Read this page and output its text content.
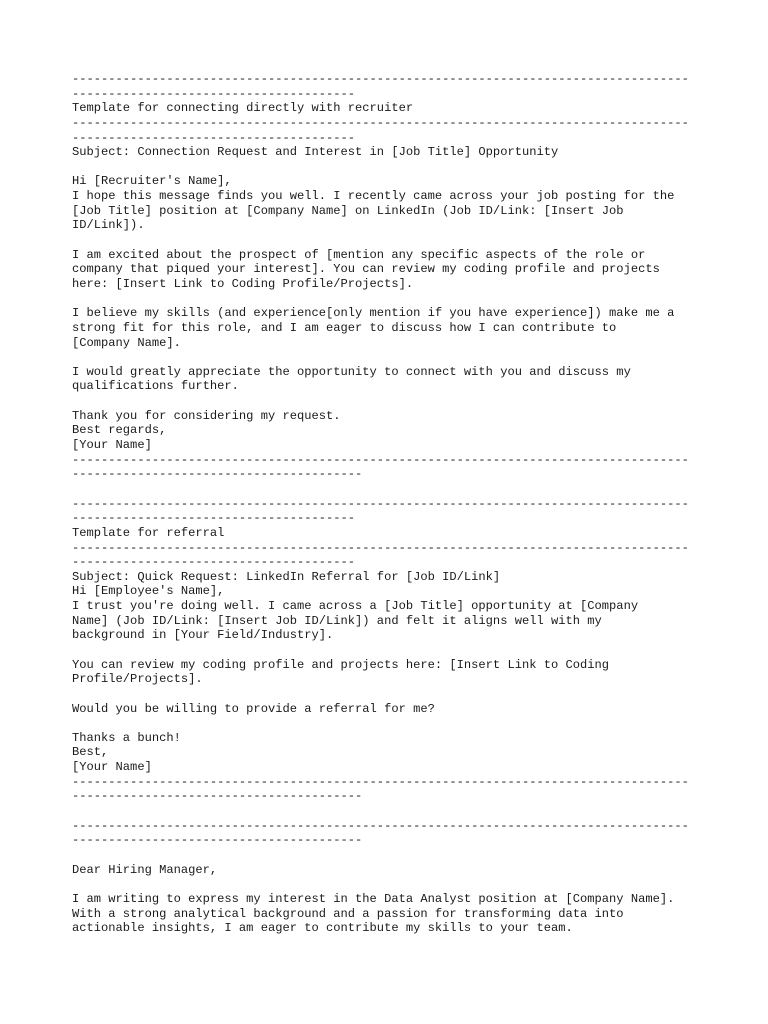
-------------------------------------------------------------------------------------
---------------------------------------
Template for connecting directly with recruiter
-------------------------------------------------------------------------------------
---------------------------------------
Subject: Connection Request and Interest in [Job Title] Opportunity
Hi [Recruiter's Name],
I hope this message finds you well. I recently came across your job posting for the
[Job Title] position at [Company Name] on LinkedIn (Job ID/Link: [Insert Job
ID/Link]).
I am excited about the prospect of [mention any specific aspects of the role or
company that piqued your interest]. You can review my coding profile and projects
here: [Insert Link to Coding Profile/Projects].
I believe my skills (and experience[only mention if you have experience]) make me a
strong fit for this role, and I am eager to discuss how I can contribute to
[Company Name].
I would greatly appreciate the opportunity to connect with you and discuss my
qualifications further.
Thank you for considering my request.
Best regards,
[Your Name]
-------------------------------------------------------------------------------------
----------------------------------------
-------------------------------------------------------------------------------------
---------------------------------------
Template for referral
-------------------------------------------------------------------------------------
---------------------------------------
Subject: Quick Request: LinkedIn Referral for [Job ID/Link]
Hi [Employee's Name],
I trust you're doing well. I came across a [Job Title] opportunity at [Company
Name] (Job ID/Link: [Insert Job ID/Link]) and felt it aligns well with my
background in [Your Field/Industry].
You can review my coding profile and projects here: [Insert Link to Coding
Profile/Projects].
Would you be willing to provide a referral for me?
Thanks a bunch!
Best,
[Your Name]
-------------------------------------------------------------------------------------
----------------------------------------
-------------------------------------------------------------------------------------
----------------------------------------
Dear Hiring Manager,
I am writing to express my interest in the Data Analyst position at [Company Name].
With a strong analytical background and a passion for transforming data into
actionable insights, I am eager to contribute my skills to your team.
